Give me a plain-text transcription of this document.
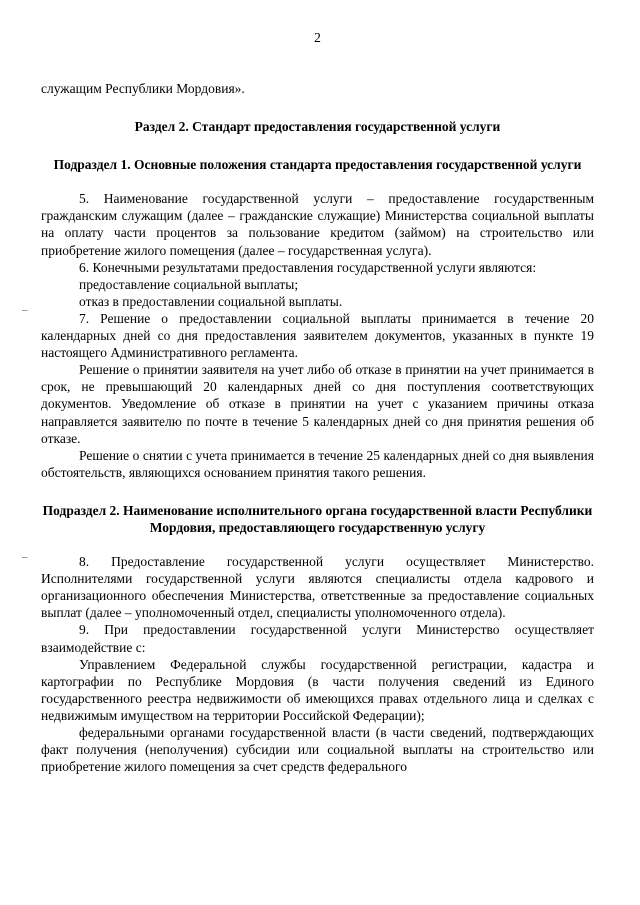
–
–
2

служащим Республики Мордовия».

Раздел 2. Стандарт предоставления государственной услуги
Подраздел 1. Основные положения стандарта предоставления государственной услуги

5. Наименование государственной услуги – предоставление государственным гражданским служащим (далее – гражданские служащие) Министерства социальной выплаты на оплату части процентов за пользование кредитом (займом) на строительство или приобретение жилого помещения (далее – государственная услуга).

6. Конечными результатами предоставления государственной услуги являются:

предоставление социальной выплаты;

отказ в предоставлении социальной выплаты.

7. Решение о предоставлении социальной выплаты принимается в течение 20 календарных дней со дня предоставления заявителем документов, указанных в пункте 19 настоящего Административного регламента.

Решение о принятии заявителя на учет либо об отказе в принятии на учет принимается в срок, не превышающий 20 календарных дней со дня поступления соответствующих документов. Уведомление об отказе в принятии на учет с указанием причины отказа направляется заявителю по почте в течение 5 календарных дней со дня принятия решения об отказе.

Решение о снятии с учета принимается в течение 25 календарных дней со дня выявления обстоятельств, являющихся основанием принятия такого решения.

Подраздел 2. Наименование исполнительного органа государственной власти Республики Мордовия, предоставляющего государственную услугу

8. Предоставление государственной услуги осуществляет Министерство. Исполнителями государственной услуги являются специалисты отдела кадрового и организационного обеспечения Министерства, ответственные за предоставление социальных выплат (далее – уполномоченный отдел, специалисты уполномоченного отдела).

9. При предоставлении государственной услуги Министерство осуществляет взаимодействие с:

Управлением Федеральной службы государственной регистрации, кадастра и картографии по Республике Мордовия (в части получения сведений из Единого государственного реестра недвижимости об имеющихся правах отдельного лица и сделках с недвижимым имуществом на территории Российской Федерации);

федеральными органами государственной власти (в части сведений, подтверждающих факт получения (неполучения) субсидии или социальной выплаты на строительство или приобретение жилого помещения за счет средств федерального
